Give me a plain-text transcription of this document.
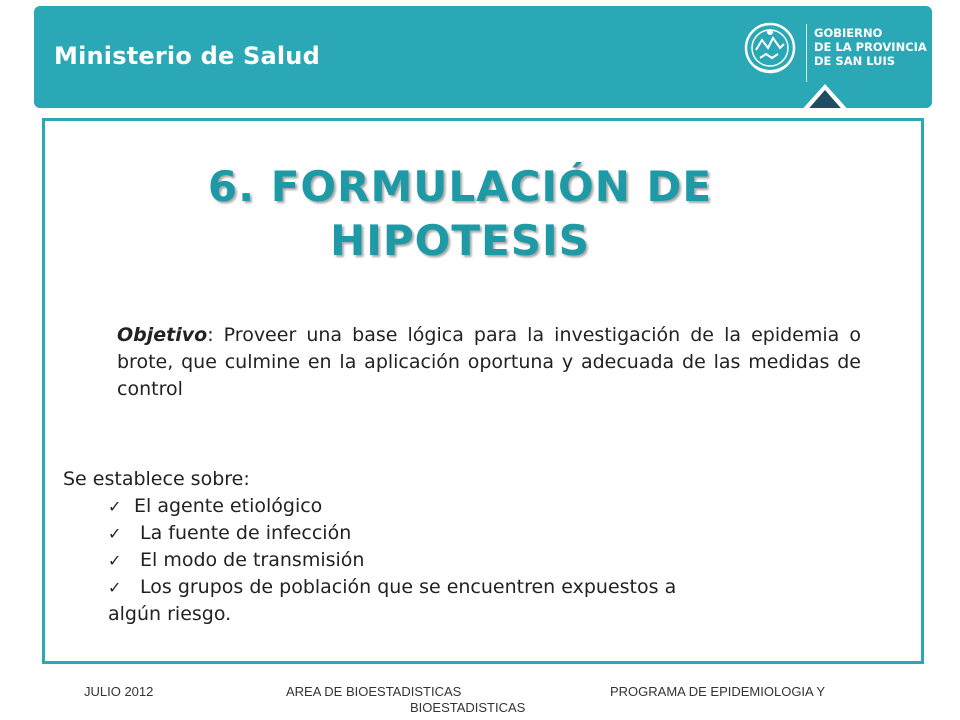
Ministerio de Salud
GOBIERNO
DE LA PROVINCIA
DE SAN LUIS
6. FORMULACIÓN DE
HIPOTESIS
Objetivo: Proveer una base lógica para la investigación de la epidemia o brote, que culmine en la aplicación oportuna y adecuada de las medidas de control
Se establece sobre:
✓ El agente etiológico
✓ La fuente de infección
✓ El modo de transmisión
✓ Los grupos de población que se encuentren expuestos a
algún riesgo.
JULIO 2012	AREA DE BIOESTADISTICAS
BIOESTADISTICAS
PROGRAMA DE EPIDEMIOLOGIA Y
